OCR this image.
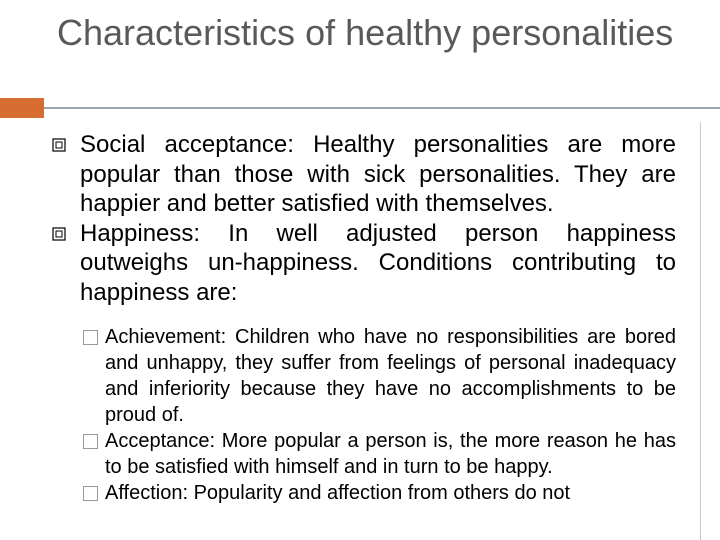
Characteristics of healthy personalities
Social acceptance: Healthy personalities are more popular than those with sick personalities. They are happier and better satisfied with themselves.
Happiness: In well adjusted person happiness outweighs un-happiness. Conditions contributing to happiness are:
Achievement: Children who have no responsibilities are bored and unhappy, they suffer from feelings of personal inadequacy and inferiority because they have no accomplishments to be proud of.
Acceptance: More popular a person is, the more reason he has to be satisfied with himself and in turn to be happy.
Affection: Popularity and affection from others do not
